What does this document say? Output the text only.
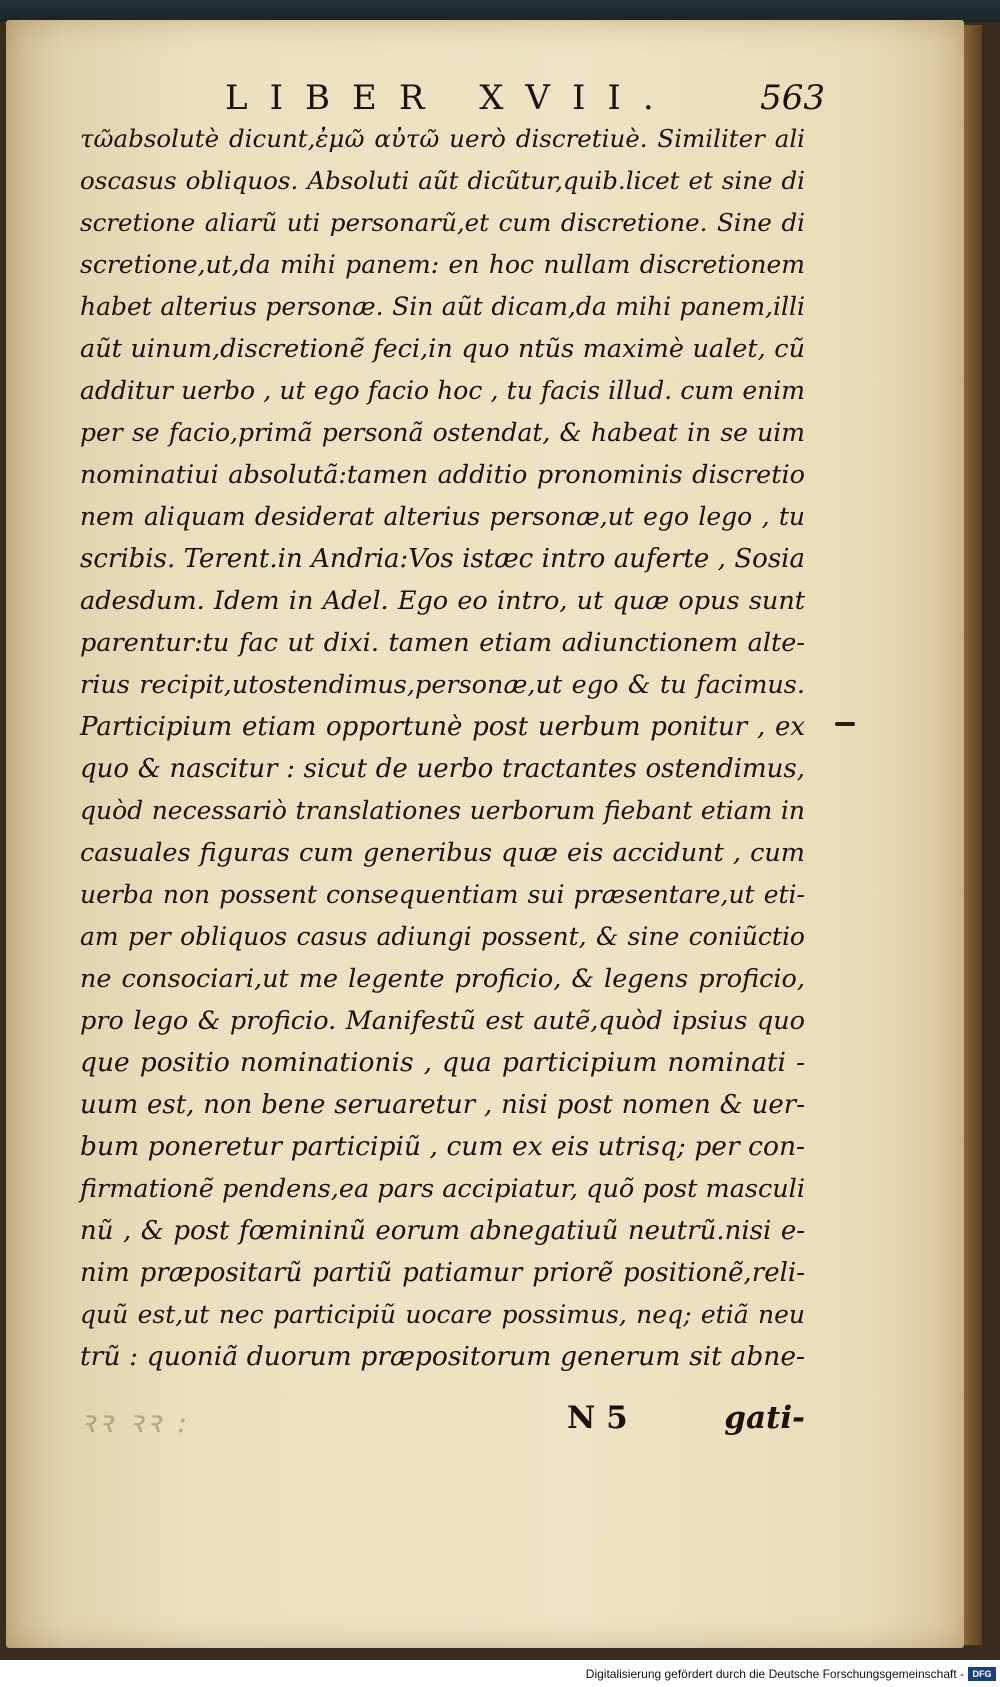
LIBER XVII. 563
τῶabsolutè dicunt,ἐμῶ αὐτῶ uerò discretiuè. Similiter ali
oscasus obliquos. Absoluti aũt dicũtur,quib.licet et sine di
scretione aliarũ uti personarũ,et cum discretione. Sine di
scretione,ut,da mihi panem: en hoc nullam discretionem
habet alterius personæ. Sin aũt dicam,da mihi panem,illi
aũt uinum,discretionẽ feci,in quo ntũs maximè ualet, cũ
additur uerbo , ut ego facio hoc , tu facis illud. cum enim
per se facio,primã personã ostendat, & habeat in se uim
nominatiui absolutã:tamen additio pronominis discretio
nem aliquam desiderat alterius personæ,ut ego lego , tu
scribis. Terent.in Andria:Vos istæc intro auferte , Sosia
adesdum. Idem in Adel. Ego eo intro, ut quæ opus sunt
parentur:tu fac ut dixi. tamen etiam adiunctionem alte-
rius recipit,utostendimus,personæ,ut ego & tu facimus.
Participium etiam opportunè post uerbum ponitur , ex
quo & nascitur : sicut de uerbo tractantes ostendimus,
quòd necessariò translationes uerborum fiebant etiam in
casuales figuras cum generibus quæ eis accidunt , cum
uerba non possent consequentiam sui præsentare,ut eti-
am per obliquos casus adiungi possent, & sine coniũctio
ne consociari,ut me legente proficio, & legens proficio,
pro lego & proficio. Manifestũ est autẽ,quòd ipsius quo
que positio nominationis , qua participium nominati -
uum est, non bene seruaretur , nisi post nomen & uer-
bum poneretur participiũ , cum ex eis utrisq; per con-
firmationẽ pendens,ea pars accipiatur, quõ post masculi
nũ , & post fœmininũ eorum abnegatiuũ neutrũ.nisi e-
nim præpositarũ partiũ patiamur priorẽ positionẽ,reli-
quũ est,ut nec participiũ uocare possimus, neq; etiã neu
trũ : quoniã duorum præpositorum generum sit abne-
ꝛꝛ ꝛꝛ :	N 5	gati-
Digitalisierung gefördert durch die Deutsche Forschungsgemeinschaft - DFG
